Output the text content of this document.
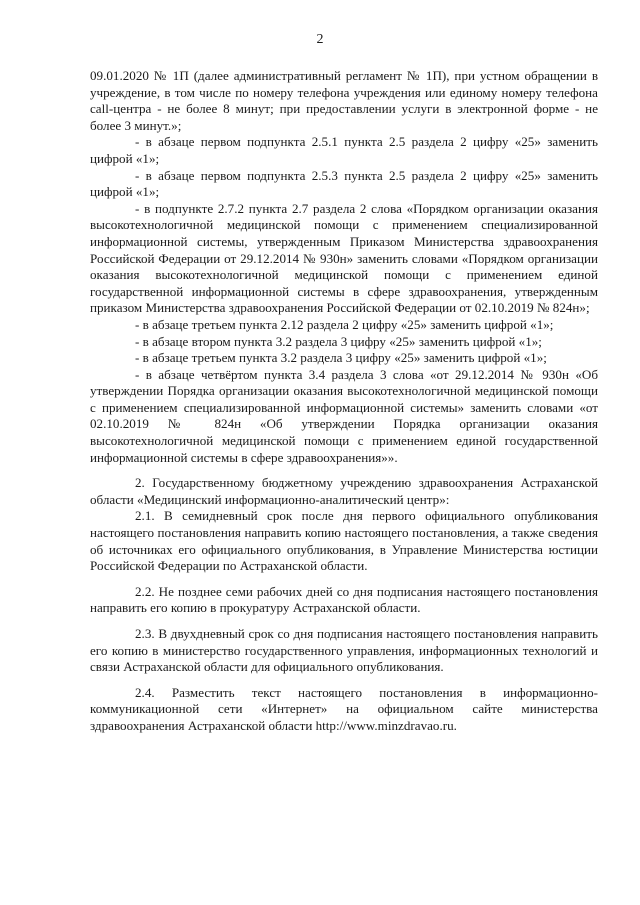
2

09.01.2020 № 1П (далее административный регламент № 1П), при устном обращении в учреждение, в том числе по номеру телефона учреждения или единому номеру телефона call-центра - не более 8 минут; при предоставлении услуги в электронной форме - не более 3 минут.»;

- в абзаце первом подпункта 2.5.1 пункта 2.5 раздела 2 цифру «25» заменить цифрой «1»;

- в абзаце первом подпункта 2.5.3 пункта 2.5 раздела 2 цифру «25» заменить цифрой «1»;

- в подпункте 2.7.2 пункта 2.7 раздела 2 слова «Порядком организации оказания высокотехнологичной медицинской помощи с применением специализированной информационной системы, утвержденным Приказом Министерства здравоохранения Российской Федерации от 29.12.2014 № 930н» заменить словами «Порядком организации оказания высокотехнологичной медицинской помощи с применением единой государственной информационной системы в сфере здравоохранения, утвержденным приказом Министерства здравоохранения Российской Федерации от 02.10.2019 № 824н»;

- в абзаце третьем пункта 2.12 раздела 2 цифру «25» заменить цифрой «1»;

- в абзаце втором пункта 3.2 раздела 3 цифру «25» заменить цифрой «1»;

- в абзаце третьем пункта 3.2 раздела 3 цифру «25» заменить цифрой «1»;

- в абзаце четвёртом пункта 3.4 раздела 3 слова «от 29.12.2014 № 930н «Об утверждении Порядка организации оказания высокотехнологичной медицинской помощи с применением специализированной информационной системы» заменить словами «от 02.10.2019 № 824н «Об утверждении Порядка организации оказания высокотехнологичной медицинской помощи с применением единой государственной информационной системы в сфере здравоохранения»».

2. Государственному бюджетному учреждению здравоохранения Астраханской области «Медицинский информационно-аналитический центр»:

2.1. В семидневный срок после дня первого официального опубликования настоящего постановления направить копию настоящего постановления, а также сведения об источниках его официального опубликования, в Управление Министерства юстиции Российской Федерации по Астраханской области.

2.2. Не позднее семи рабочих дней со дня подписания настоящего постановления направить его копию в прокуратуру Астраханской области.

2.3. В двухдневный срок со дня подписания настоящего постановления направить его копию в министерство государственного управления, информационных технологий и связи Астраханской области для официального опубликования.

2.4. Разместить текст настоящего постановления в информационно-коммуникационной сети «Интернет» на официальном сайте министерства здравоохранения Астраханской области http://www.minzdravao.ru.
